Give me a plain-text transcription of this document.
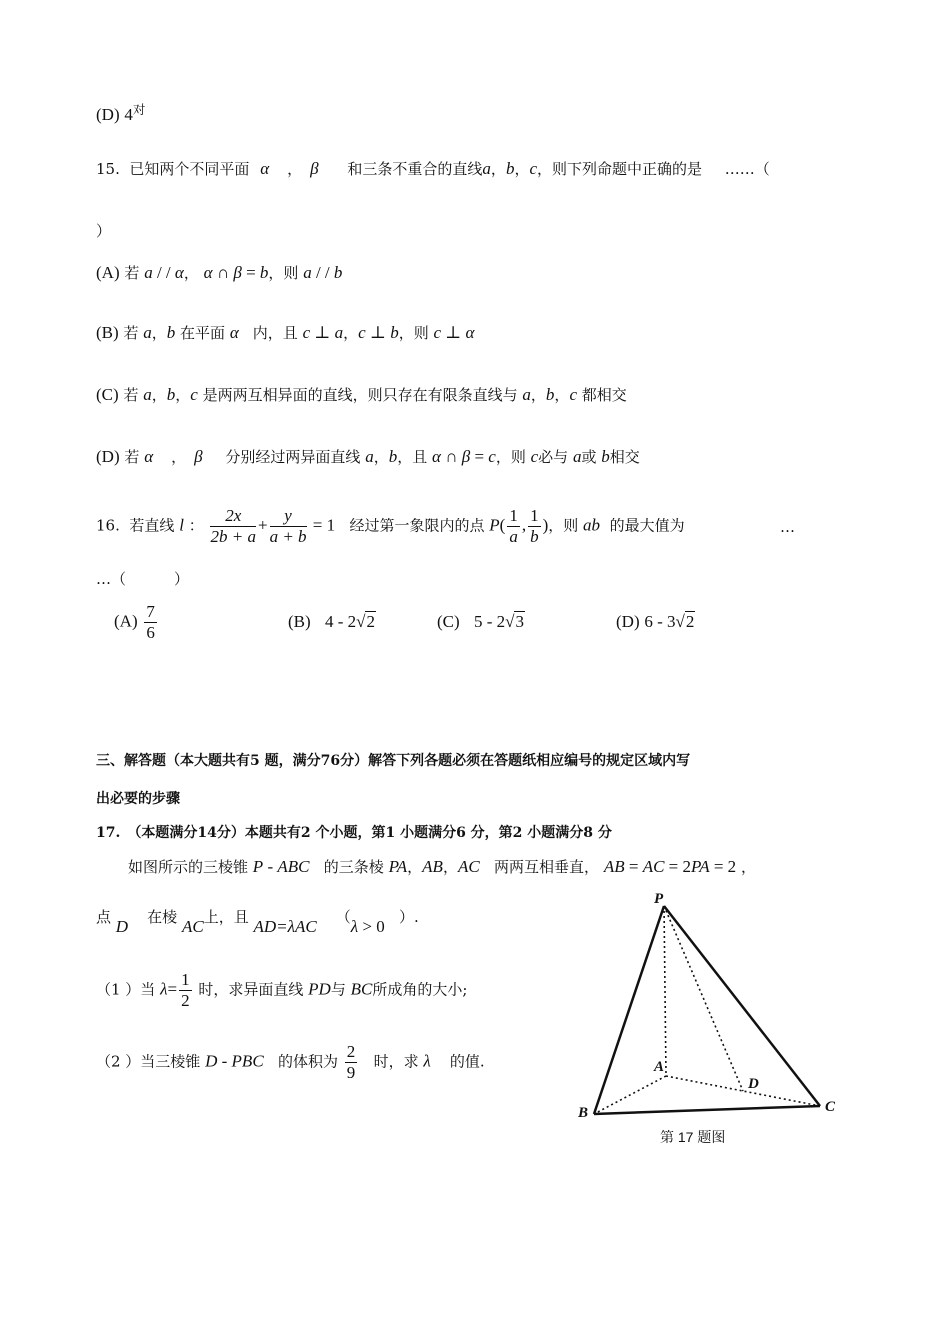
(D) $4^对$
15. 已知两个不同平面 α ， β 和三条不重合的直线a，b，c，则下列命题中正确的是 ……（
）
(A) 若 a / / α， α ∩ β = b，则 a / / b
(B) 若 a，b 在平面 α 内，且 c ⊥ a，c ⊥ b，则 c ⊥ α
(C) 若 a，b，c 是两两互相异面的直线，则只存在有限条直线与 a，b，c 都相交
(D) 若 α ， β 分别经过两异面直线 a，b，且 α ∩ β = c，则 c必与 a或 b相交
16. 若直线 l ： $\frac{2x}{2b + a} + \frac{y}{a + b} = 1$ 经过第一象限内的点 $P( \frac{1}{a}$ , $\frac{1}{b}$ )，则 ab 的最大值为	…
…（	）
$(A) \frac{7}{6}$	(B) 4 - 2√2	(C) 5 - 2√3	(D) 6 - 3√2
三、解答题（本大题共有5 题，满分76分）解答下列各题必须在答题纸相应编号的规定区域内写
出必要的步骤
17.　（本题满分14分）本题共有2 个小题，第1 小题满分6 分，第2 小题满分8 分
如图所示的三棱锥 P - ABC 的三条棱 PA，AB，AC 两两互相垂直， AB = AC = 2PA = 2 ，
点 D 在棱 AC上，且 AD=λAC    （λ > 0   ）.
（1 ）当 $\lambda= \frac{1}{2}$ 时，求异面直线 PD与 BC所成角的大小;
（2 ）当三棱锥 D - PBC 的体积为 $\frac{2}{9}$ 时，求 λ 的值.
P
A
D
B	C
第 17 题图
